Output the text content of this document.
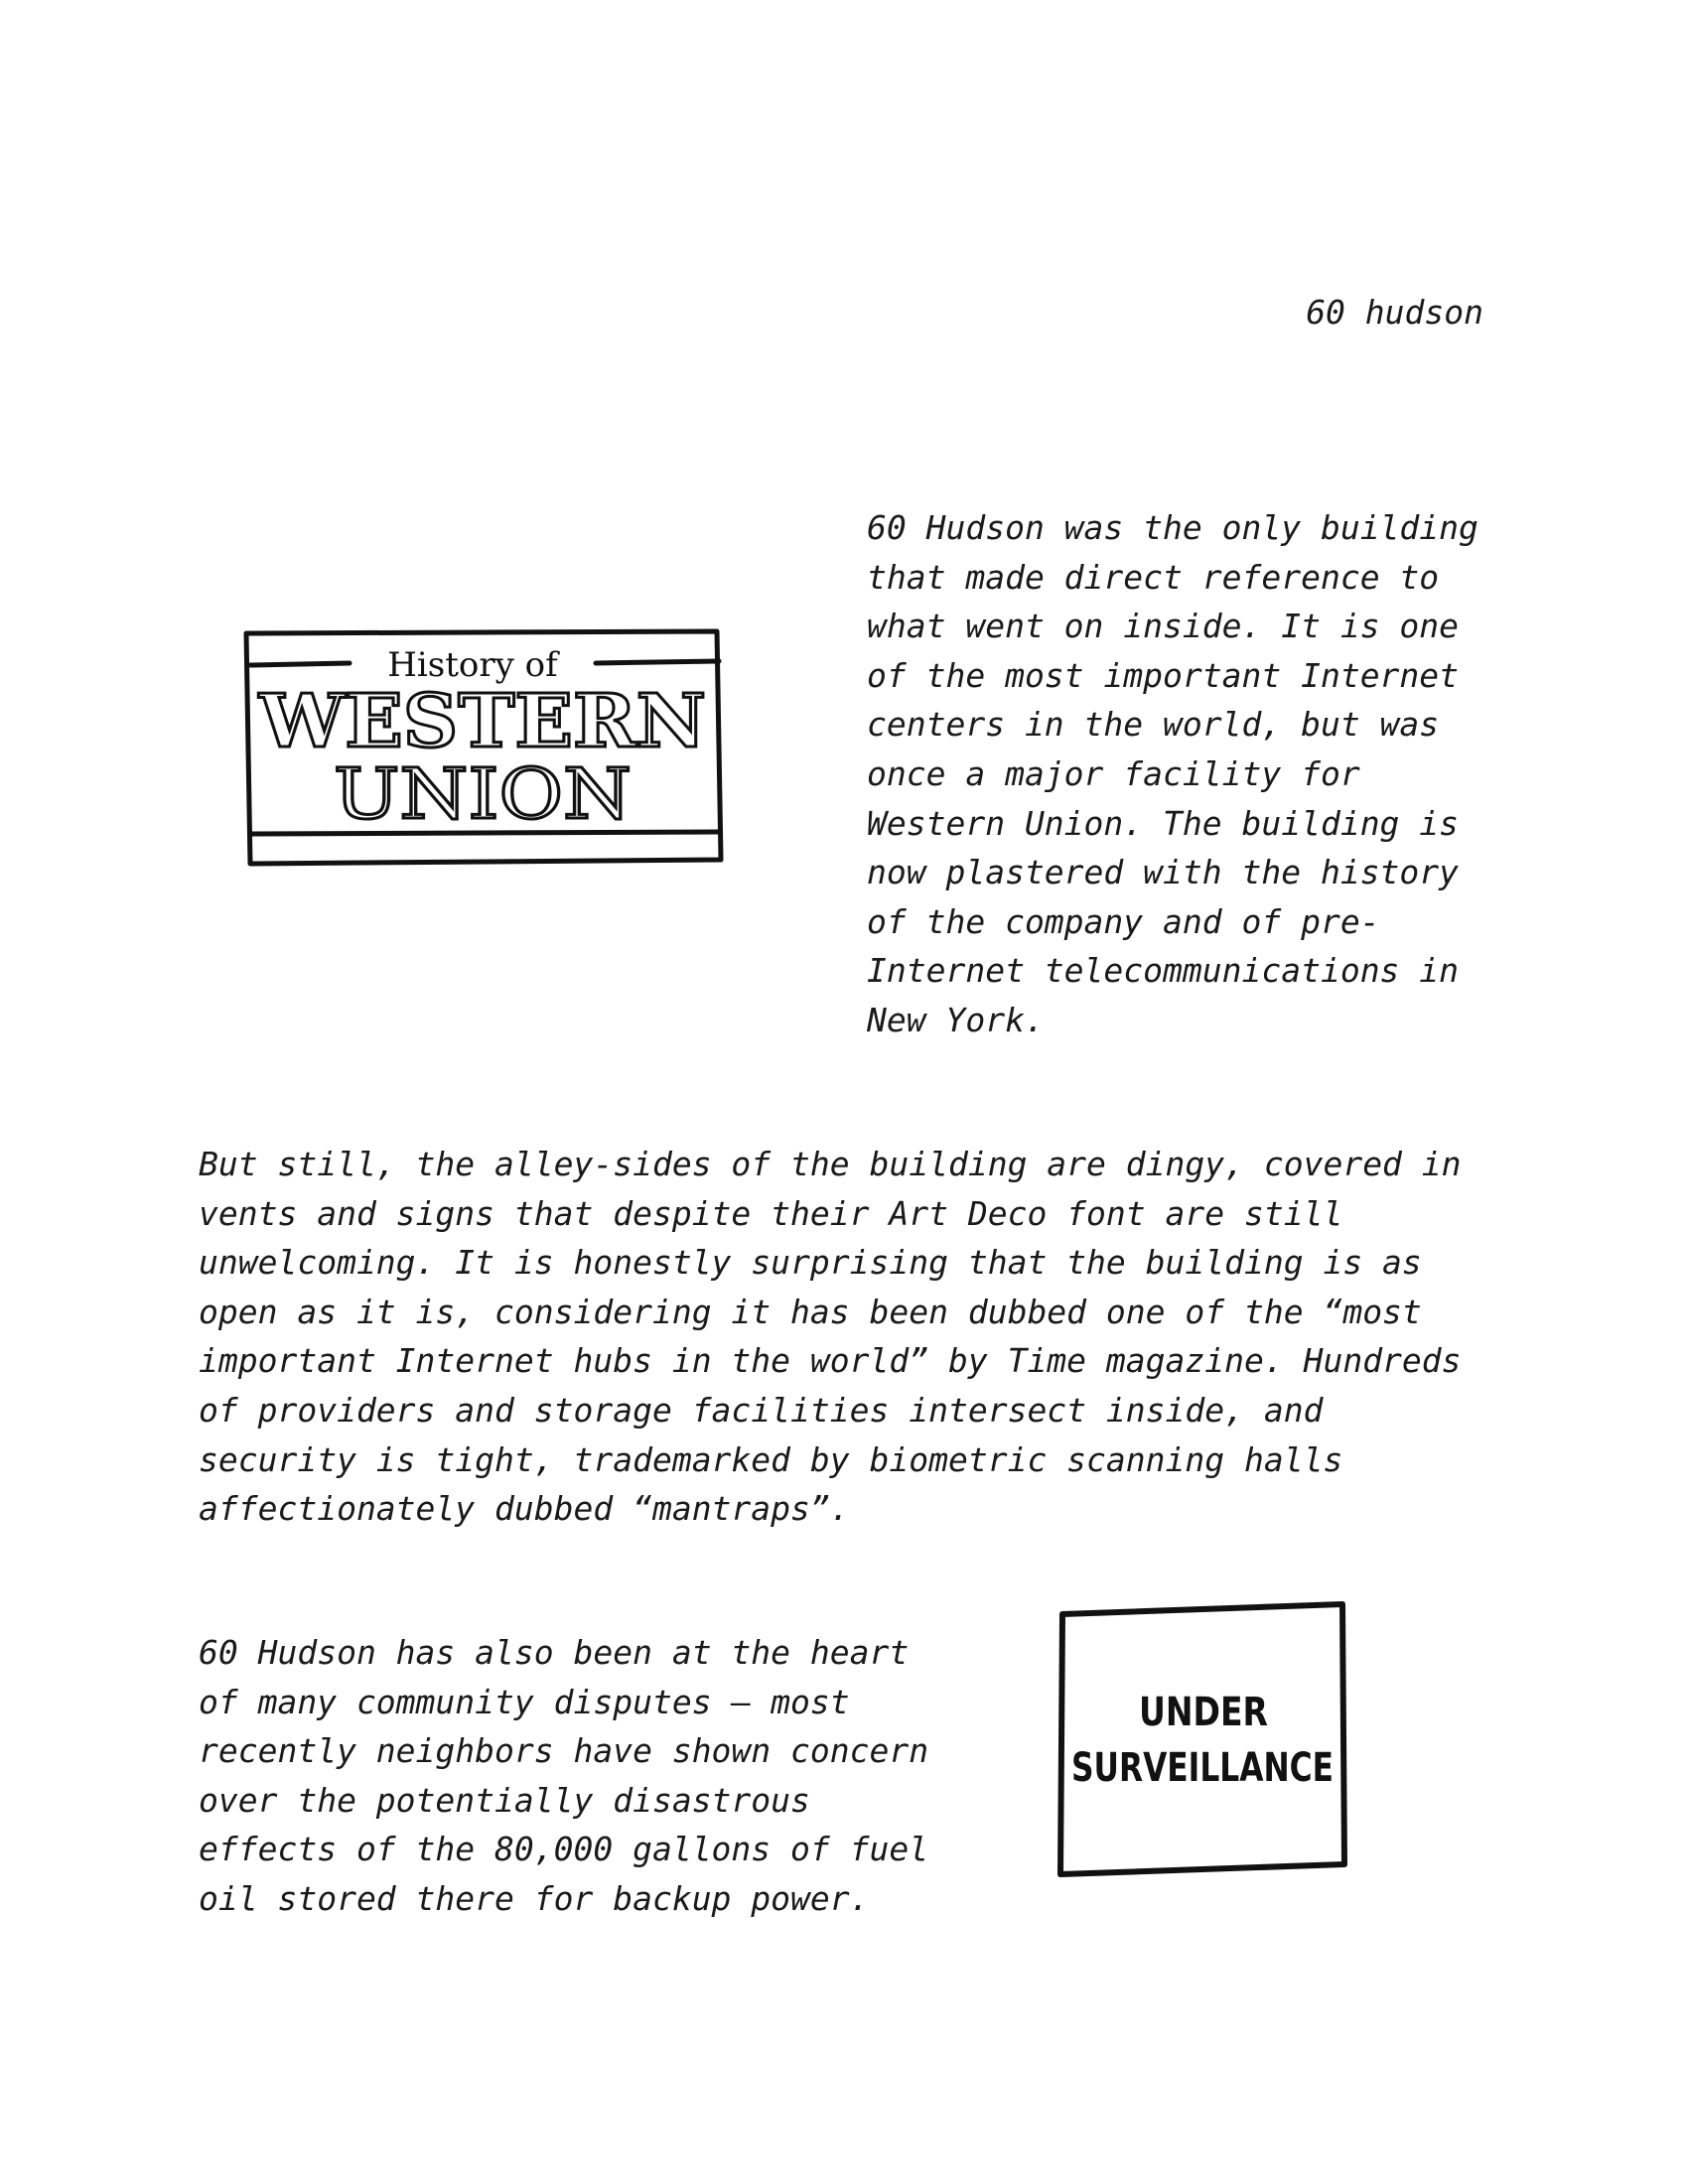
60 hudson

60 Hudson was the only building
that made direct reference to
what went on inside. It is one
of the most important Internet
centers in the world, but was
once a major facility for
Western Union. The building is
now plastered with the history
of the company and of pre-
Internet telecommunications in
New York.

History of
WESTERN
UNION

But still, the alley-sides of the building are dingy, covered in
vents and signs that despite their Art Deco font are still
unwelcoming. It is honestly surprising that the building is as
open as it is, considering it has been dubbed one of the “most
important Internet hubs in the world” by Time magazine. Hundreds
of providers and storage facilities intersect inside, and
security is tight, trademarked by biometric scanning halls
affectionately dubbed “mantraps”.

60 Hudson has also been at the heart
of many community disputes — most
recently neighbors have shown concern
over the potentially disastrous
effects of the 80,000 gallons of fuel
oil stored there for backup power.

UNDER
SURVEILLANCE
